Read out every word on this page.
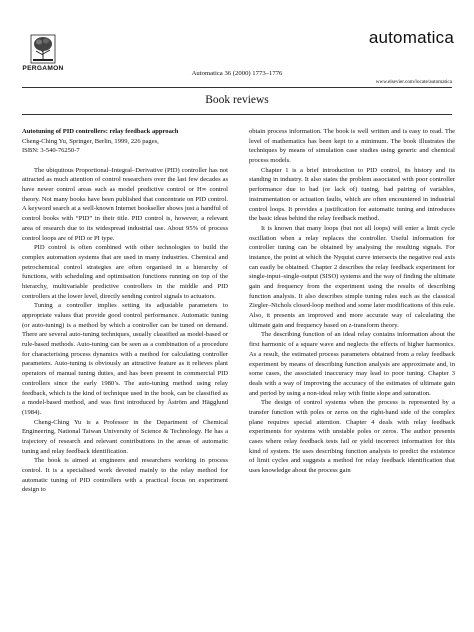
PERGAMON
automatica
Automatica 36 (2000) 1773–1776
www.elsevier.com/locate/automatica
Book reviews

Autotuning of PID controllers: relay feedback approach

Cheng-Ching Yu, Springer, Berlin, 1999, 226 pages,

ISBN: 3-540-76250-7

The ubiquitous Proportional–Integral–Derivative (PID) controller has not attracted as much attention of control researchers over the last few decades as have newer control areas such as model predictive control or H∞ control theory. Not many books have been published that concentrate on PID control. A keyword search at a well-known Internet bookseller shows just a handful of control books with “PID” in their title. PID control is, however, a relevant area of research due to its widespread industrial use. About 95% of process control loops are of PID or PI type.

PID control is often combined with other technologies to build the complex automation systems that are used in many industries. Chemical and petrochemical control strategies are often organised in a hierarchy of functions, with scheduling and optimisation functions running on top of the hierarchy, multivariable predictive controllers in the middle and PID controllers at the lower level, directly sending control signals to actuators.

Tuning a controller implies setting its adjustable parameters to appropriate values that provide good control performance. Automatic tuning (or auto-tuning) is a method by which a controller can be tuned on demand. There are several auto-tuning techniques, usually classified as model-based or rule-based methods. Auto-tuning can be seen as a combination of a procedure for characterising process dynamics with a method for calculating controller parameters. Auto-tuning is obviously an attractive feature as it relieves plant operators of manual tuning duties, and has been present in commercial PID controllers since the early 1980’s. The auto-tuning method using relay feedback, which is the kind of technique used in the book, can be classified as a model-based method, and was first introduced by Åström and Hägglund (1984).

Cheng-Ching Yu is a Professor in the Department of Chemical Engineering, National Taiwan University of Science & Technology. He has a trajectory of research and relevant contributions in the areas of automatic tuning and relay feedback identification.

The book is aimed at engineers and researchers working in process control. It is a specialised work devoted mainly to the relay method for automatic tuning of PID controllers with a practical focus on experiment design to

obtain process information. The book is well written and is easy to read. The level of mathematics has been kept to a minimum. The book illustrates the techniques by means of simulation case studies using generic and chemical process models.

Chapter 1 is a brief introduction to PID control, its history and its standing in industry. It also states the problem associated with poor controller performance due to bad (or lack of) tuning, bad pairing of variables, instrumentation or actuation faults, which are often encountered in industrial control loops. It provides a justification for automatic tuning and introduces the basic ideas behind the relay feedback method.

It is known that many loops (but not all loops) will enter a limit cycle oscillation when a relay replaces the controller. Useful information for controller tuning can be obtained by analysing the resulting signals. For instance, the point at which the Nyquist curve intersects the negative real axis can easily be obtained. Chapter 2 describes the relay feedback experiment for single-input–single-output (SISO) systems and the way of finding the ultimate gain and frequency from the experiment using the results of describing function analysis. It also describes simple tuning rules such as the classical Ziegler–Nichols closed-loop method and some later modifications of this rule. Also, it presents an improved and more accurate way of calculating the ultimate gain and frequency based on z-transform theory.

The describing function of an ideal relay contains information about the first harmonic of a square wave and neglects the effects of higher harmonics. As a result, the estimated process parameters obtained from a relay feedback experiment by means of describing function analysis are approximate and, in some cases, the associated inaccuracy may lead to poor tuning. Chapter 3 deals with a way of improving the accuracy of the estimates of ultimate gain and period by using a non-ideal relay with finite slope and saturation.

The design of control systems when the process is represented by a transfer function with poles or zeros on the right-hand side of the complex plane requires special attention. Chapter 4 deals with relay feedback experiments for systems with unstable poles or zeros. The author presents cases where relay feedback tests fail or yield incorrect information for this kind of system. He uses describing function analysis to predict the existence of limit cycles and suggests a method for relay feedback identification that uses knowledge about the process gain
